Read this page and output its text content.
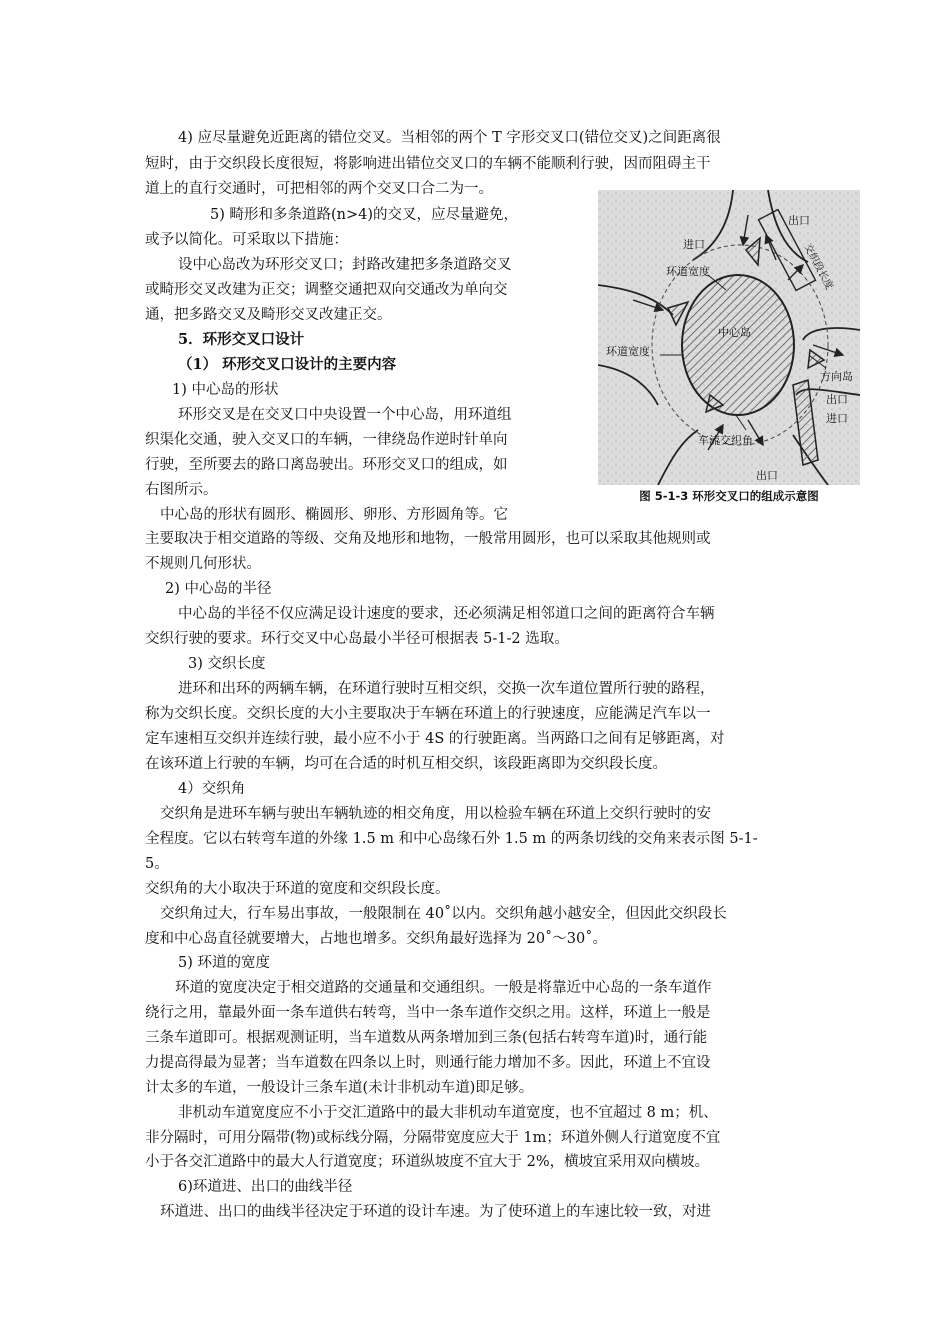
4) 应尽量避免近距离的错位交叉。当相邻的两个 T 字形交叉口(错位交叉)之间距离很
短时，由于交织段长度很短，将影响进出错位交叉口的车辆不能顺利行驶，因而阻碍主干
道上的直行交通时，可把相邻的两个交叉口合二为一。
5) 畸形和多条道路(n>4)的交叉，应尽量避免，
或予以简化。可采取以下措施：
设中心岛改为环形交叉口；封路改建把多条道路交叉
或畸形交叉改建为正交；调整交通把双向交通改为单向交
通，把多路交叉及畸形交叉改建正交。
5．环形交叉口设计
（1） 环形交叉口设计的主要内容
1) 中心岛的形状
环形交叉是在交叉口中央设置一个中心岛，用环道组
织渠化交通，驶入交叉口的车辆，一律绕岛作逆时针单向
行驶，至所要去的路口离岛驶出。环形交叉口的组成，如
右图所示。
中心岛的形状有圆形、椭圆形、卵形、方形圆角等。它
主要取决于相交道路的等级、交角及地形和地物，一般常用圆形，也可以采取其他规则或
不规则几何形状。
2) 中心岛的半径
中心岛的半径不仅应满足设计速度的要求，还必须满足相邻道口之间的距离符合车辆
交织行驶的要求。环行交叉中心岛最小半径可根据表 5-1-2 选取。
3) 交织长度
进环和出环的两辆车辆，在环道行驶时互相交织，交换一次车道位置所行驶的路程，
称为交织长度。交织长度的大小主要取决于车辆在环道上的行驶速度，应能满足汽车以一
定车速相互交织并连续行驶，最小应不小于 4S 的行驶距离。当两路口之间有足够距离，对
在该环道上行驶的车辆，均可在合适的时机互相交织，该段距离即为交织段长度。
4）交织角
交织角是进环车辆与驶出车辆轨迹的相交角度，用以检验车辆在环道上交织行驶时的安
全程度。它以右转弯车道的外缘 1.5 m 和中心岛缘石外 1.5 m 的两条切线的交角来表示图 5-1-
5。
交织角的大小取决于环道的宽度和交织段长度。
交织角过大，行车易出事故，一般限制在 40˚以内。交织角越小越安全，但因此交织段长
度和中心岛直径就要增大，占地也增多。交织角最好选择为 20˚～30˚。
5) 环道的宽度
环道的宽度决定于相交道路的交通量和交通组织。一般是将靠近中心岛的一条车道作
绕行之用，靠最外面一条车道供右转弯，当中一条车道作交织之用。这样，环道上一般是
三条车道即可。根据观测证明，当车道数从两条增加到三条(包括右转弯车道)时，通行能
力提高得最为显著；当车道数在四条以上时，则通行能力增加不多。因此，环道上不宜设
计太多的车道，一般设计三条车道(未计非机动车道)即足够。
非机动车道宽度应不小于交汇道路中的最大非机动车道宽度，也不宜超过 8 m；机、
非分隔时，可用分隔带(物)或标线分隔，分隔带宽度应大于 1m；环道外侧人行道宽度不宜
小于各交汇道路中的最大人行道宽度；环道纵坡度不宜大于 2%，横坡宜采用双向横坡。
6)环道进、出口的曲线半径
环道进、出口的曲线半径决定于环道的设计车速。为了使环道上的车速比较一致，对进
出口
进口	交织段长度
环道宽度
中心岛
环道宽度
方向岛
出口
进口
车流交织角
出口
图 5-1-3 环形交叉口的组成示意图
